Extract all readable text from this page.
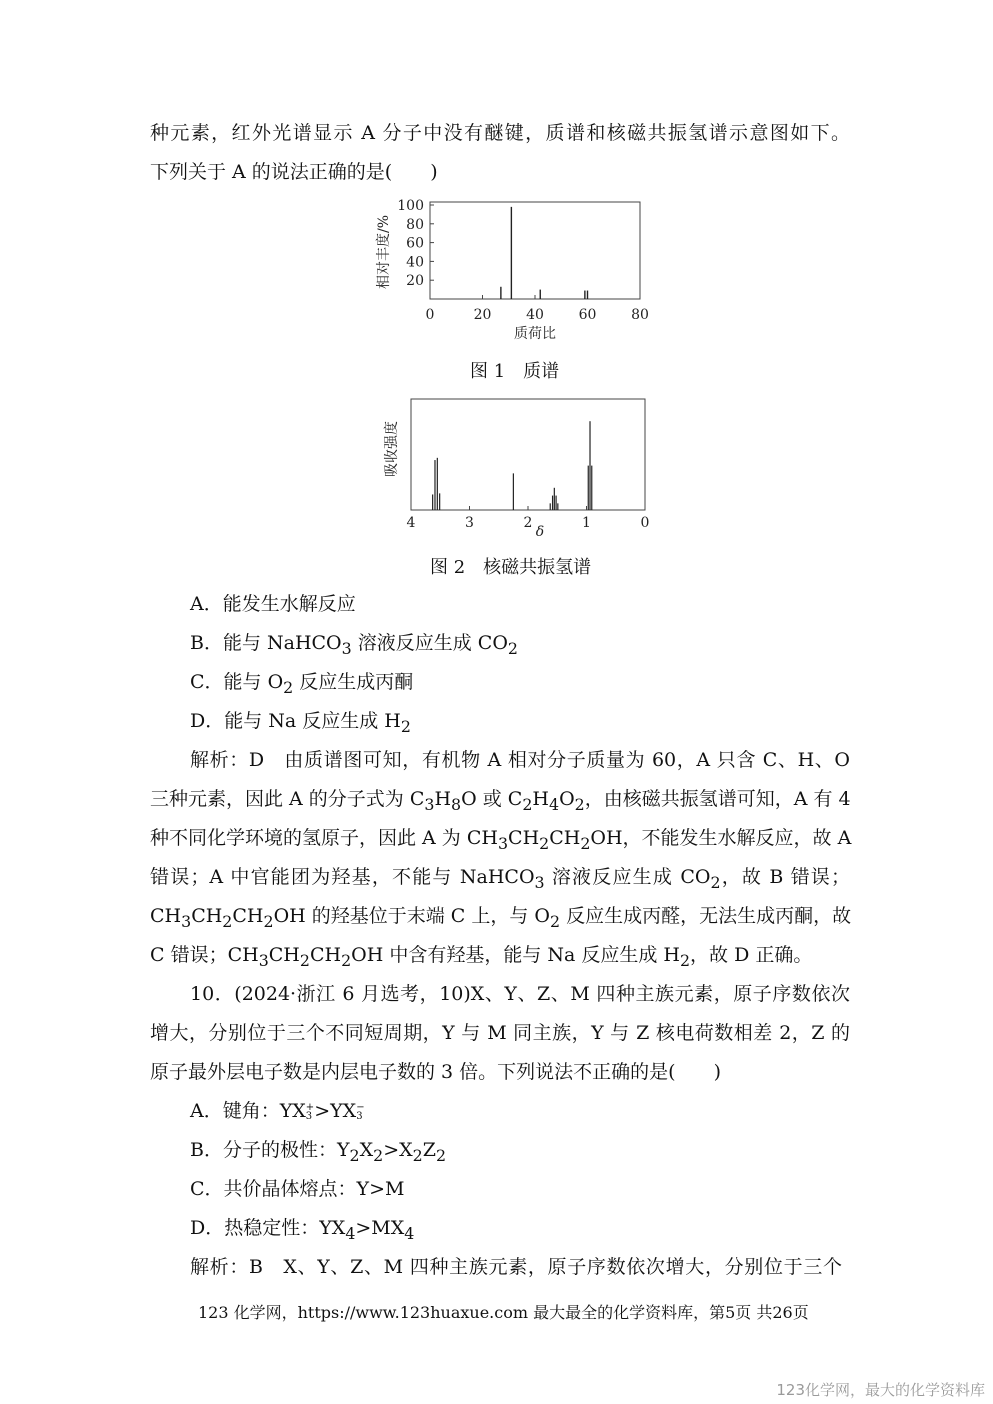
种元素，红外光谱显示 A 分子中没有醚键，质谱和核磁共振氢谱示意图如下。
下列关于 A 的说法正确的是(　　)
相对丰度/% 20
40
60
80
100
0	20 40 60 80
质荷比
图 1　质谱
吸收强度
4	3	2	1	0
δ
图 2　核磁共振氢谱
A．能发生水解反应
B．能与 NaHCO$_3$ 溶液反应生成 $CO_2$
C．能与 $O_2$ 反应生成丙酮
D．能与 Na 反应生成 $H_2$
解析：D　由质谱图可知，有机物 A 相对分子质量为 60，A 只含 C、H、O
三种元素，因此 A 的分子式为 $C_3H_8O$ 或 $C_2H_4O_2$，由核磁共振氢谱可知，A 有 4
种不同化学环境的氢原子，因此 A 为 $CH_3CH_2CH_2OH$，不能发生水解反应，故 A
错误；A 中官能团为羟基，不能与 NaHCO$_3$ 溶液反应生成 $CO_2$，故 B 错误；
$CH_3CH_2CH_2OH$ 的羟基位于末端 C 上，与 $O_2$ 反应生成丙醛，无法生成丙酮，故
C 错误；$CH_3CH_2CH_2OH$ 中含有羟基，能与 Na 反应生成 $H_2$，故 D 正确。
10．(2024·浙江 6 月选考，10)X、Y、Z、M 四种主族元素，原子序数依次
增大，分别位于三个不同短周期，Y 与 M 同主族，Y 与 Z 核电荷数相差 2，Z 的
原子最外层电子数是内层电子数的 3 倍。下列说法不正确的是(　　)
A．键角：YX +
3 >YX −
3
B．分子的极性：$Y_2X_2>X_2Z_2$
C．共价晶体熔点：Y>M
D．热稳定性：$YX_4>MX_4$
解析：B　X、Y、Z、M 四种主族元素，原子序数依次增大，分别位于三个
123 化学网，https://www.123huaxue.com 最大最全的化学资料库，第5页 共26页
123化学网，最大的化学资料库
